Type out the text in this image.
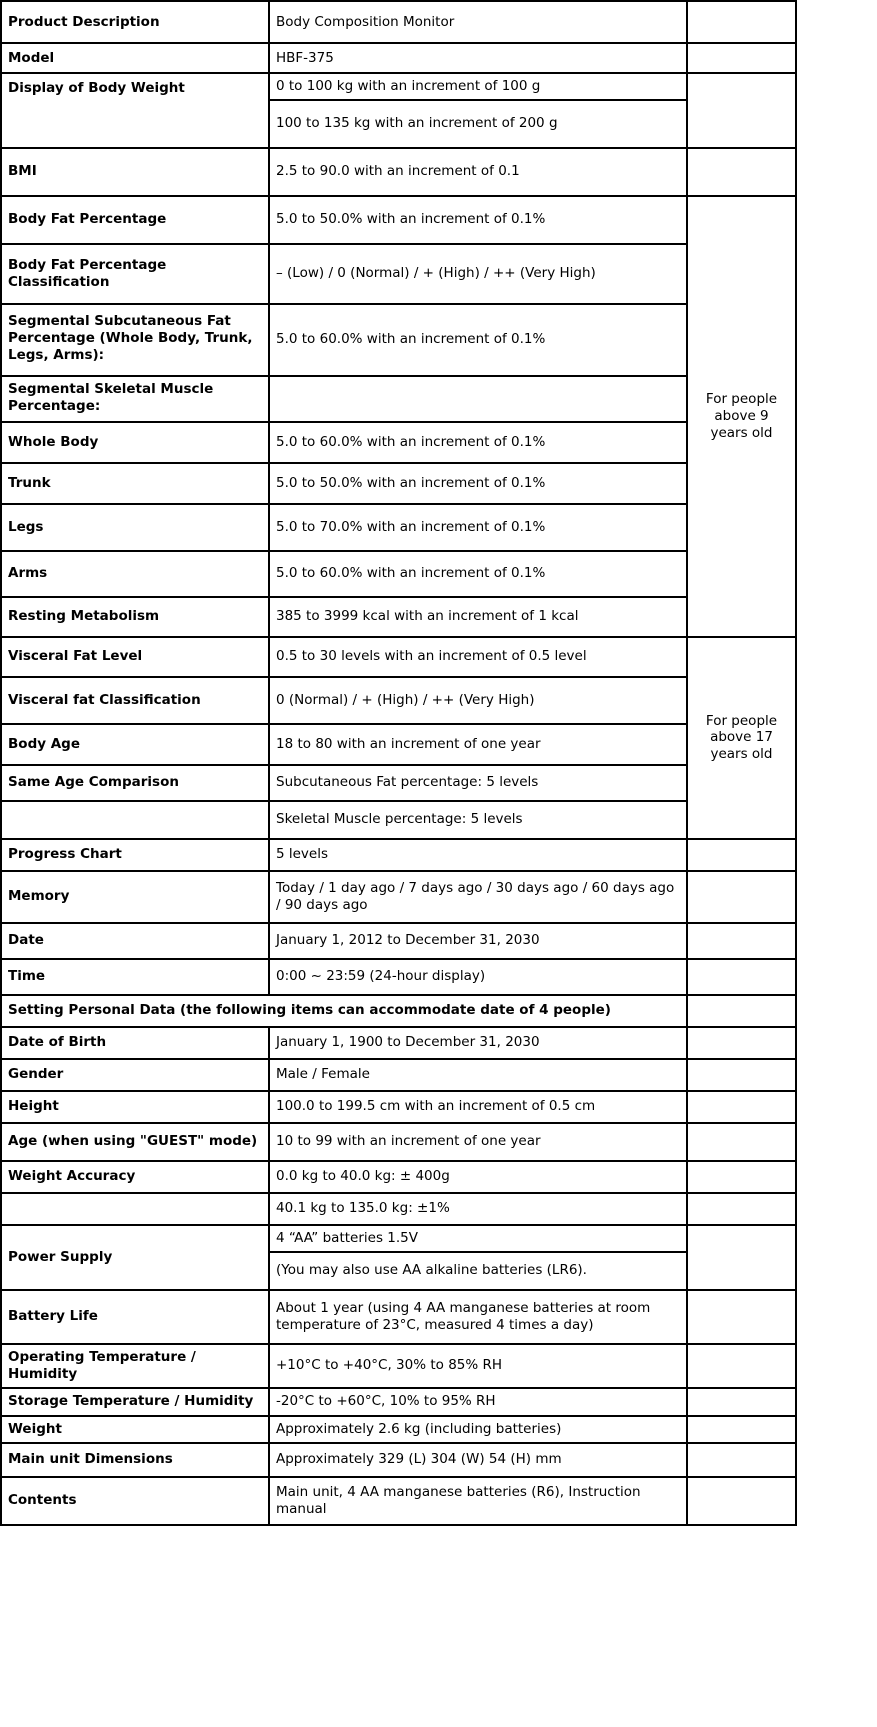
Product Description	Body Composition Monitor	
Model	HBF-375	
Display of Body Weight	0 to 100 kg with an increment of 100 g	
	100 to 135 kg with an increment of 200 g	
BMI	2.5 to 90.0 with an increment of 0.1	
Body Fat Percentage	5.0 to 50.0% with an increment of 0.1%	For people above 9 years old
Body Fat Percentage Classification	– (Low) / 0 (Normal) / + (High) / ++ (Very High)	
Segmental Subcutaneous Fat Percentage (Whole Body, Trunk, Legs, Arms):	5.0 to 60.0% with an increment of 0.1%	
Segmental Skeletal Muscle Percentage:		
Whole Body	5.0 to 60.0% with an increment of 0.1%	
Trunk	5.0 to 50.0% with an increment of 0.1%	
Legs	5.0 to 70.0% with an increment of 0.1%	
Arms	5.0 to 60.0% with an increment of 0.1%	
Resting Metabolism	385 to 3999 kcal with an increment of 1 kcal	
Visceral Fat Level	0.5 to 30 levels with an increment of 0.5 level	For people above 17 years old
Visceral fat Classification	0 (Normal) / + (High) / ++ (Very High)	
Body Age	18 to 80 with an increment of one year	
Same Age Comparison	Subcutaneous Fat percentage: 5 levels	
	Skeletal Muscle percentage: 5 levels	
Progress Chart	5 levels	
Memory	Today / 1 day ago / 7 days ago / 30 days ago / 60 days ago / 90 days ago	
Date	January 1, 2012 to December 31, 2030	
Time	0:00 ~ 23:59 (24-hour display)	
Setting Personal Data (the following items can accommodate date of 4 people)		
Date of Birth	January 1, 1900 to December 31, 2030	
Gender	Male / Female	
Height	100.0 to 199.5 cm with an increment of 0.5 cm	
Age (when using "GUEST" mode)	10 to 99 with an increment of one year	
Weight Accuracy	0.0 kg to 40.0 kg: ± 400g	
	40.1 kg to 135.0 kg: ±1%	
Power Supply	4 “AA” batteries 1.5V	
	(You may also use AA alkaline batteries (LR6).	
Battery Life	About 1 year (using 4 AA manganese batteries at room temperature of 23°C, measured 4 times a day)	
Operating Temperature / Humidity	+10°C to +40°C, 30% to 85% RH	
Storage Temperature / Humidity	-20°C to +60°C, 10% to 95% RH	
Weight	Approximately 2.6 kg (including batteries)	
Main unit Dimensions	Approximately 329 (L) 304 (W) 54 (H) mm	
Contents	Main unit, 4 AA manganese batteries (R6), Instruction manual	
